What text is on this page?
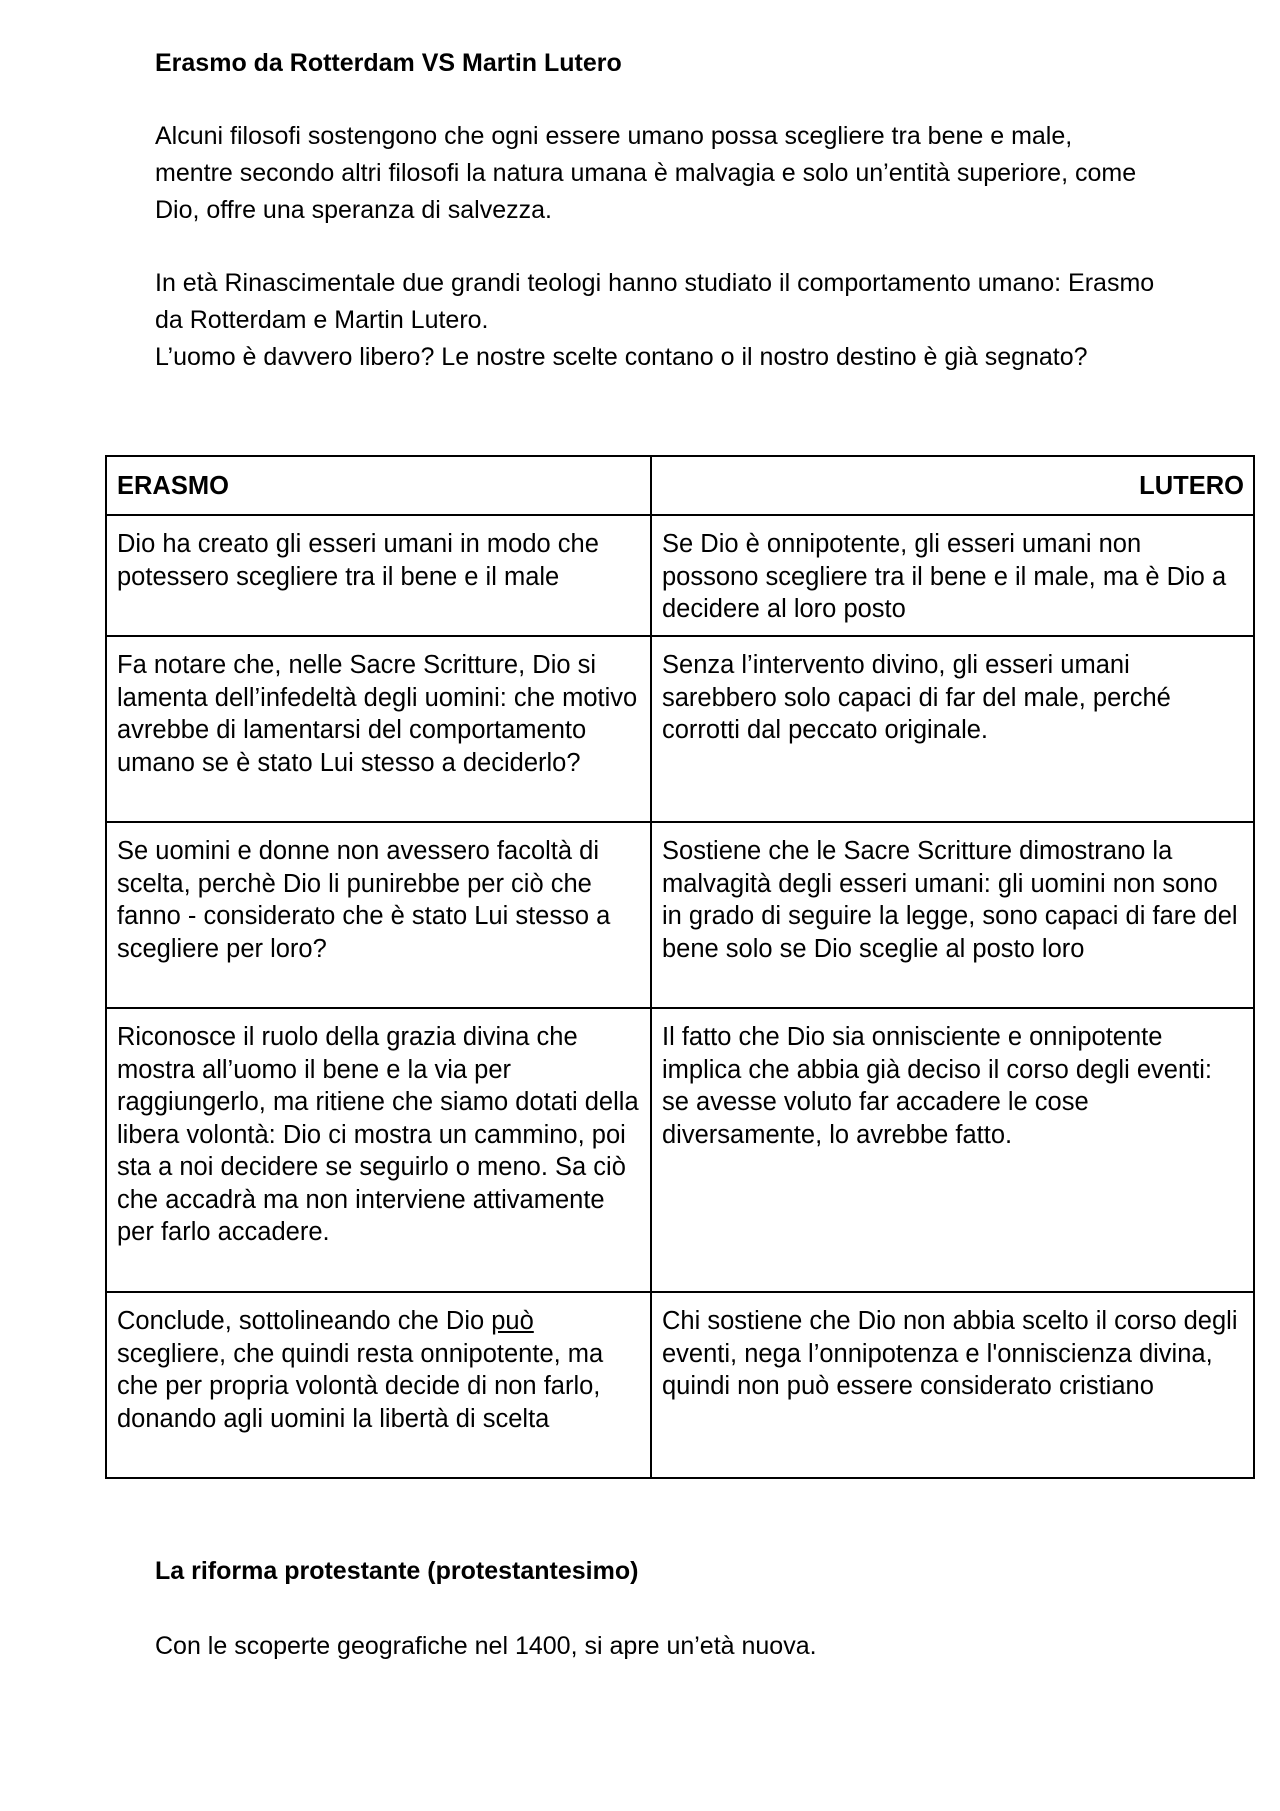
Erasmo da Rotterdam VS Martin Lutero

Alcuni filosofi sostengono che ogni essere umano possa scegliere tra bene e male, mentre secondo altri filosofi la natura umana è malvagia e solo un’entità superiore, come Dio, offre una speranza di salvezza.

In età Rinascimentale due grandi teologi hanno studiato il comportamento umano: Erasmo da Rotterdam e Martin Lutero.

L’uomo è davvero libero? Le nostre scelte contano o il nostro destino è già segnato?

ERASMO	LUTERO
Dio ha creato gli esseri umani in modo che potessero scegliere tra il bene e il male	Se Dio è onnipotente, gli esseri umani non possono scegliere tra il bene e il male, ma è Dio a decidere al loro posto
Fa notare che, nelle Sacre Scritture, Dio si lamenta dell’infedeltà degli uomini: che motivo avrebbe di lamentarsi del comportamento umano se è stato Lui stesso a deciderlo?	Senza l’intervento divino, gli esseri umani sarebbero solo capaci di far del male, perché corrotti dal peccato originale.
Se uomini e donne non avessero facoltà di scelta, perchè Dio li punirebbe per ciò che fanno - considerato che è stato Lui stesso a scegliere per loro?	Sostiene che le Sacre Scritture dimostrano la malvagità degli esseri umani: gli uomini non sono in grado di seguire la legge, sono capaci di fare del bene solo se Dio sceglie al posto loro
Riconosce il ruolo della grazia divina che mostra all’uomo il bene e la via per raggiungerlo, ma ritiene che siamo dotati della libera volontà: Dio ci mostra un cammino, poi sta a noi decidere se seguirlo o meno. Sa ciò che accadrà ma non interviene attivamente per farlo accadere.	Il fatto che Dio sia onnisciente e onnipotente implica che abbia già deciso il corso degli eventi: se avesse voluto far accadere le cose diversamente, lo avrebbe fatto.
Conclude, sottolineando che Dio può scegliere, che quindi resta onnipotente, ma che per propria volontà decide di non farlo, donando agli uomini la libertà di scelta	Chi sostiene che Dio non abbia scelto il corso degli eventi, nega l’onnipotenza e l'onniscienza divina, quindi non può essere considerato cristiano
La riforma protestante (protestantesimo)

Con le scoperte geografiche nel 1400, si apre un’età nuova.
